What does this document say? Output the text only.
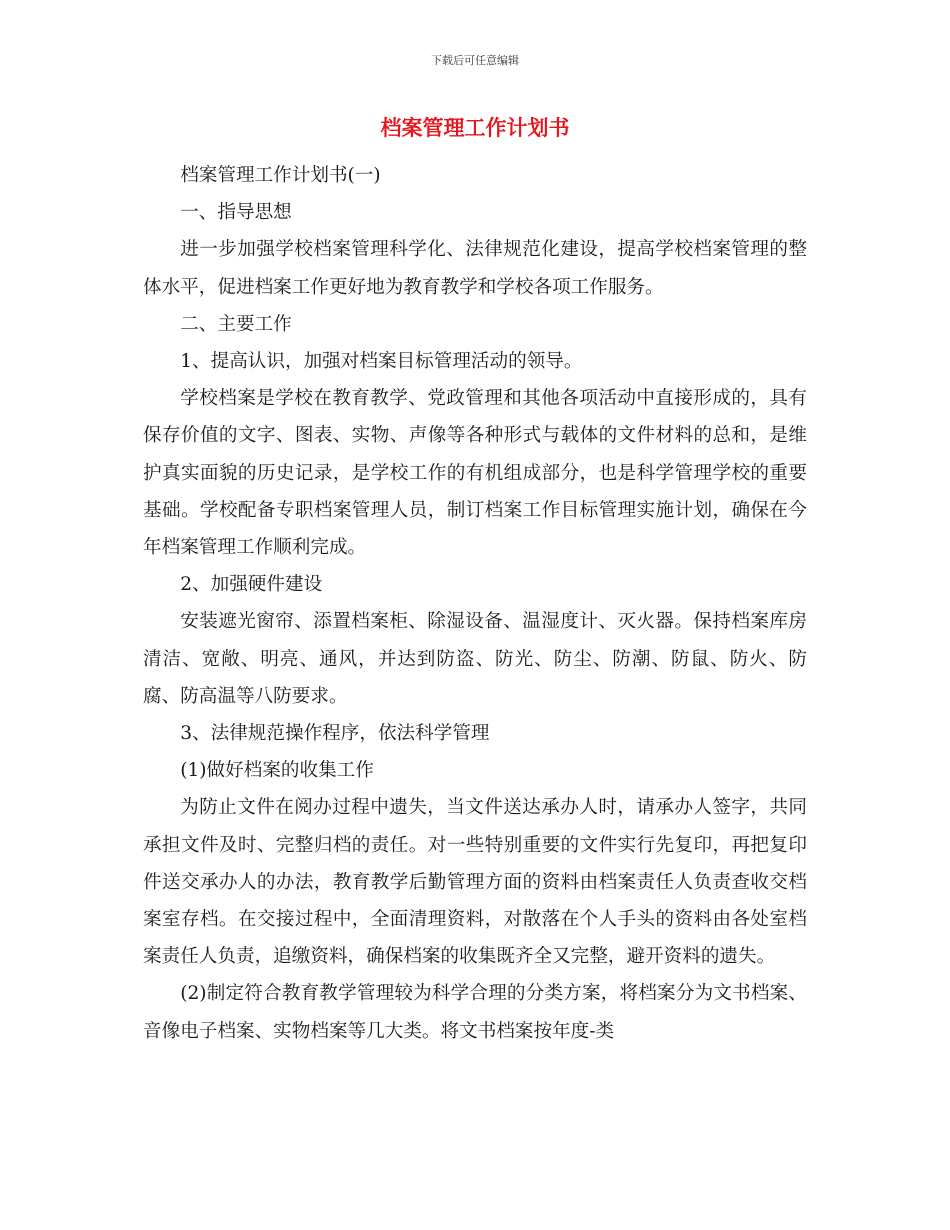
下载后可任意编辑
档案管理工作计划书

档案管理工作计划书(一)

一、指导思想

进一步加强学校档案管理科学化、法律规范化建设，提高学校档案管理的整体水平，促进档案工作更好地为教育教学和学校各项工作服务。

二、主要工作

1、提高认识，加强对档案目标管理活动的领导。

学校档案是学校在教育教学、党政管理和其他各项活动中直接形成的，具有保存价值的文字、图表、实物、声像等各种形式与载体的文件材料的总和，是维护真实面貌的历史记录，是学校工作的有机组成部分，也是科学管理学校的重要基础。学校配备专职档案管理人员，制订档案工作目标管理实施计划，确保在今年档案管理工作顺利完成。

2、加强硬件建设

安装遮光窗帘、添置档案柜、除湿设备、温湿度计、灭火器。保持档案库房清洁、宽敞、明亮、通风，并达到防盗、防光、防尘、防潮、防鼠、防火、防腐、防高温等八防要求。

3、法律规范操作程序，依法科学管理

(1)做好档案的收集工作

为防止文件在阅办过程中遗失，当文件送达承办人时，请承办人签字，共同承担文件及时、完整归档的责任。对一些特别重要的文件实行先复印，再把复印件送交承办人的办法，教育教学后勤管理方面的资料由档案责任人负责查收交档案室存档。在交接过程中，全面清理资料，对散落在个人手头的资料由各处室档案责任人负责，追缴资料，确保档案的收集既齐全又完整，避开资料的遗失。

(2)制定符合教育教学管理较为科学合理的分类方案，将档案分为文书档案、音像电子档案、实物档案等几大类。将文书档案按年度-类
